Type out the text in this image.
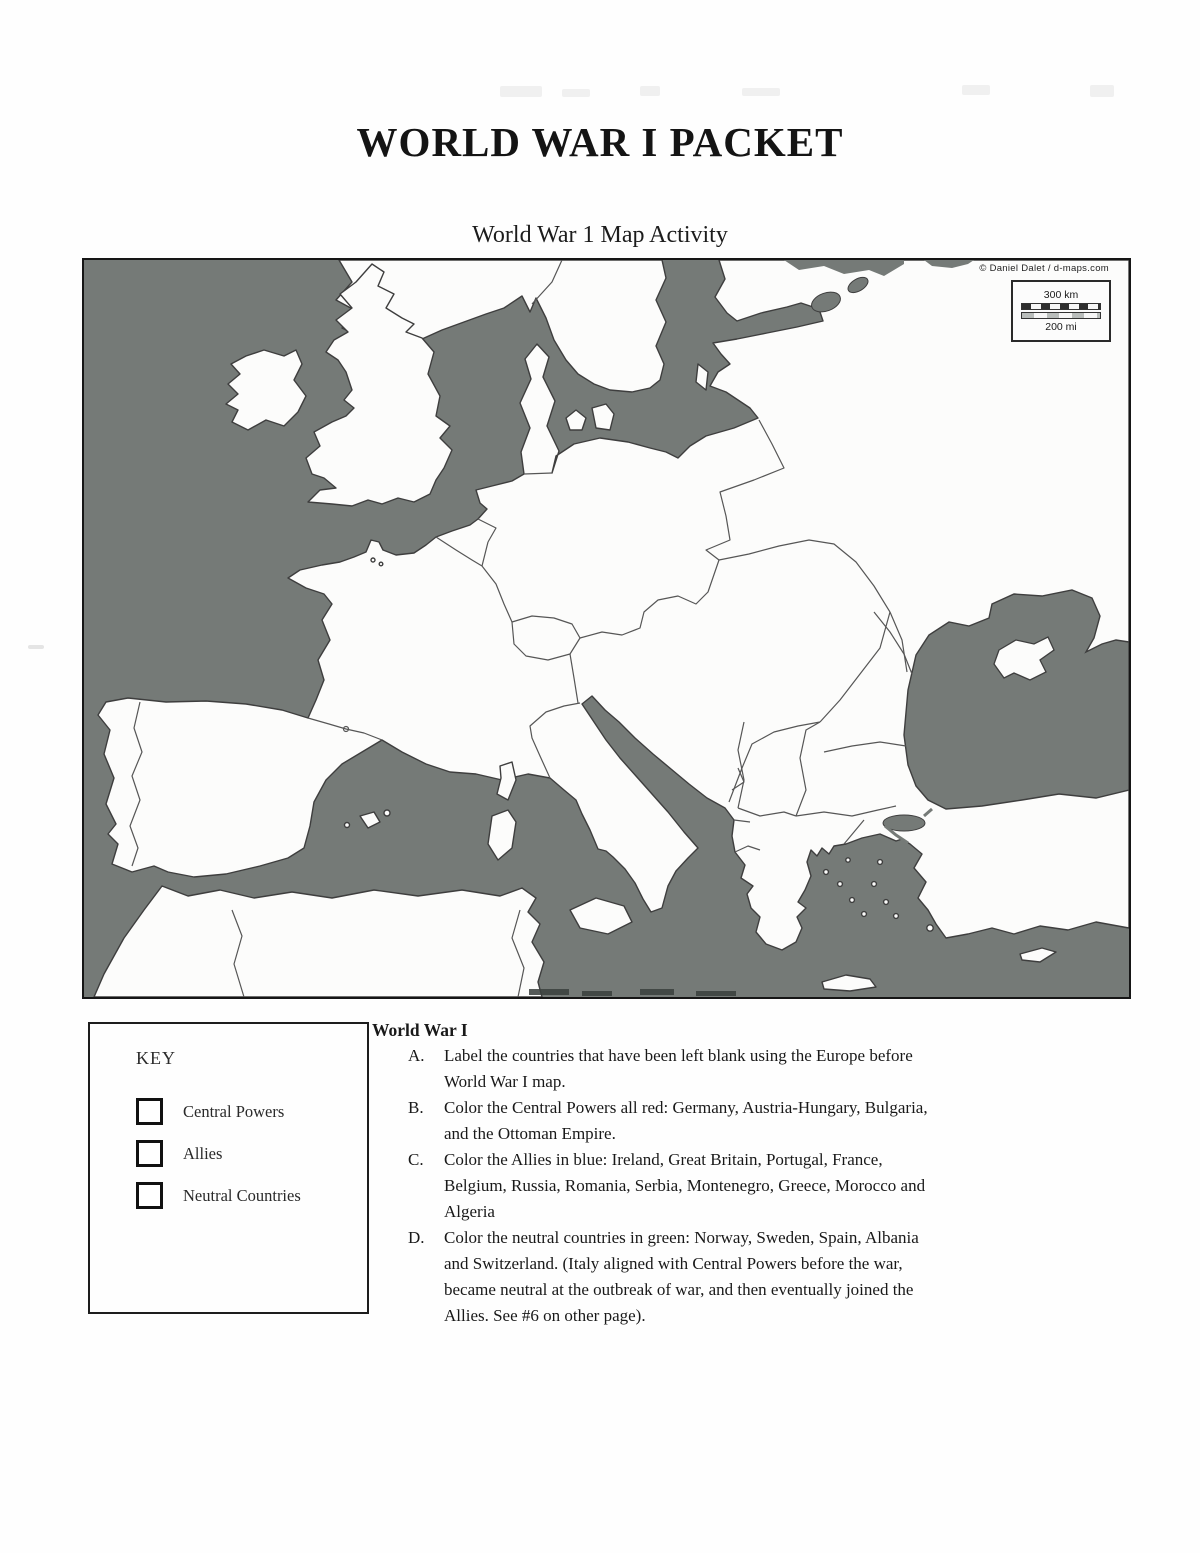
WORLD WAR I PACKET
World War 1 Map Activity
© Daniel Dalet / d-maps.com
300 km
200 mi
KEY
Central Powers
Allies
Neutral Countries
World War I
A.	Label the countries that have been left blank using the Europe before World War I map.
B.	Color the Central Powers all red: Germany, Austria-Hungary, Bulgaria, and the Ottoman Empire.
C.	Color the Allies in blue: Ireland, Great Britain, Portugal, France, Belgium, Russia, Romania, Serbia, Montenegro, Greece, Morocco and Algeria
D.	Color the neutral countries in green: Norway, Sweden, Spain, Albania and Switzerland. (Italy aligned with Central Powers before the war, became neutral at the outbreak of war, and then eventually joined the Allies. See #6 on other page).
